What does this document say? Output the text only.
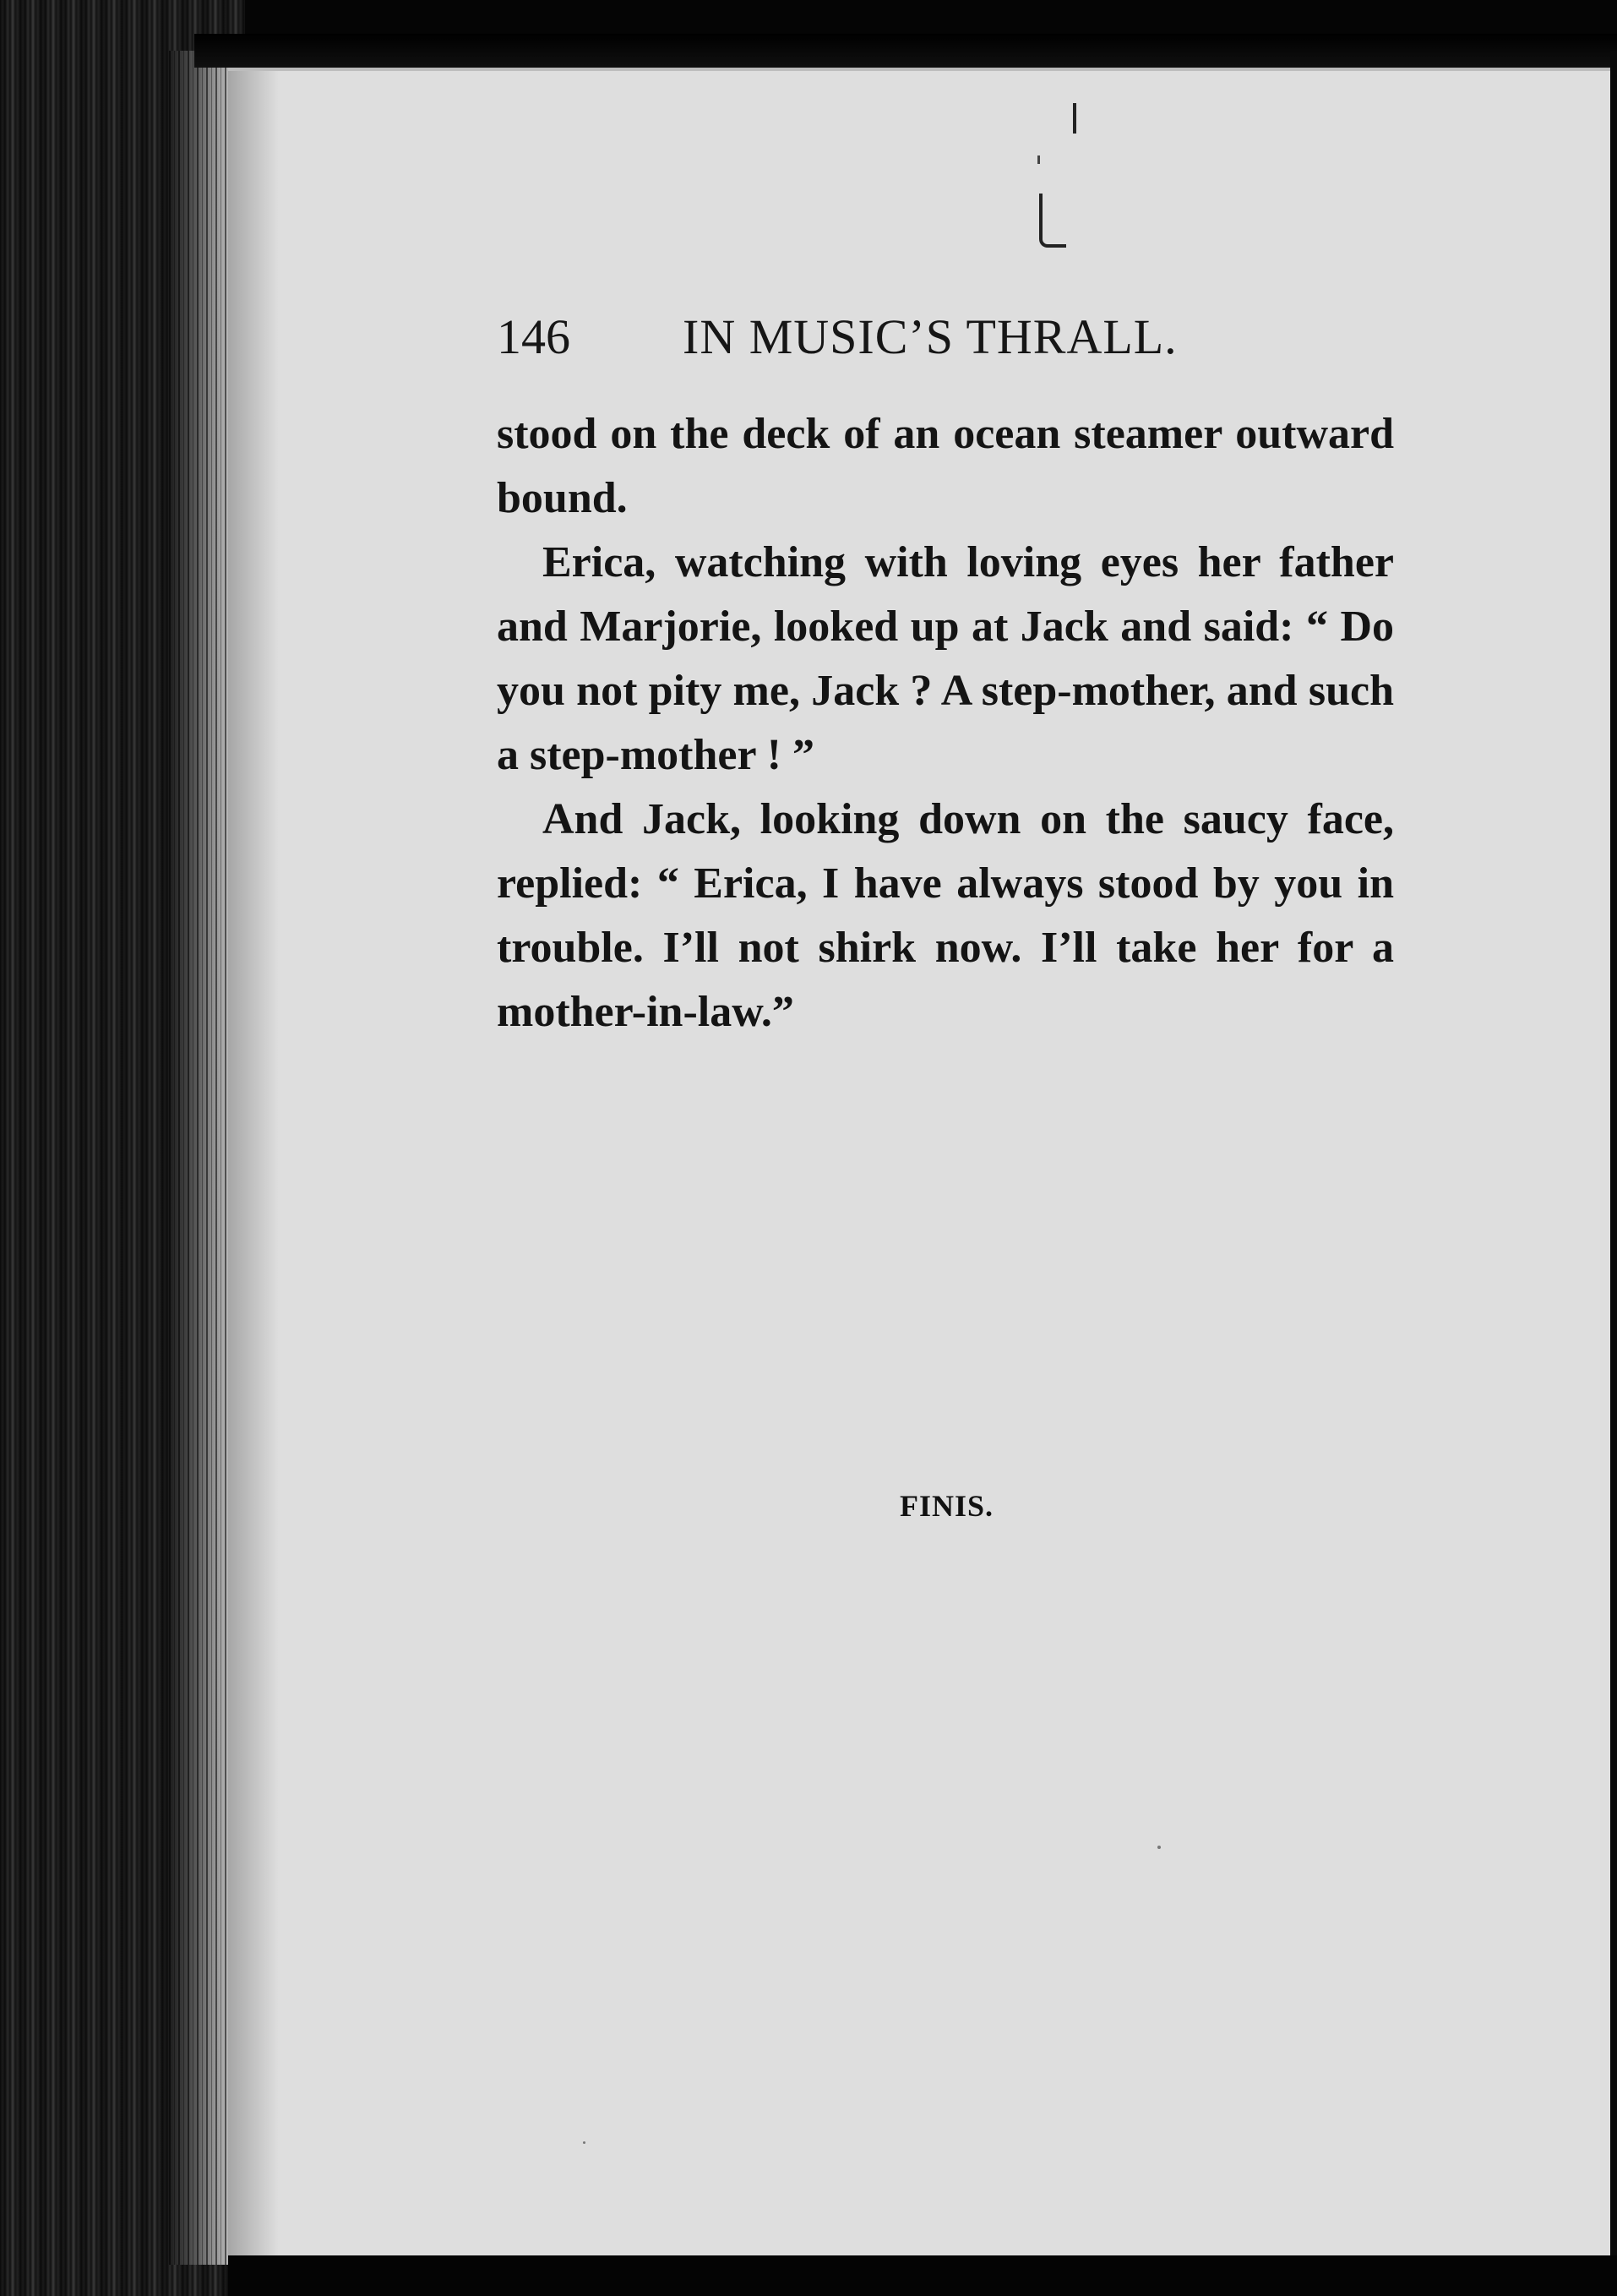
146 IN MUSIC’S THRALL.

stood on the deck of an ocean steamer outward bound.

Erica, watching with loving eyes her father and Marjorie, looked up at Jack and said: “ Do you not pity me, Jack ? A step-mother, and such a step-mother ! ”

And Jack, looking down on the saucy face, replied: “ Erica, I have always stood by you in trouble. I’ll not shirk now. I’ll take her for a mother-in-law.”

FINIS.
